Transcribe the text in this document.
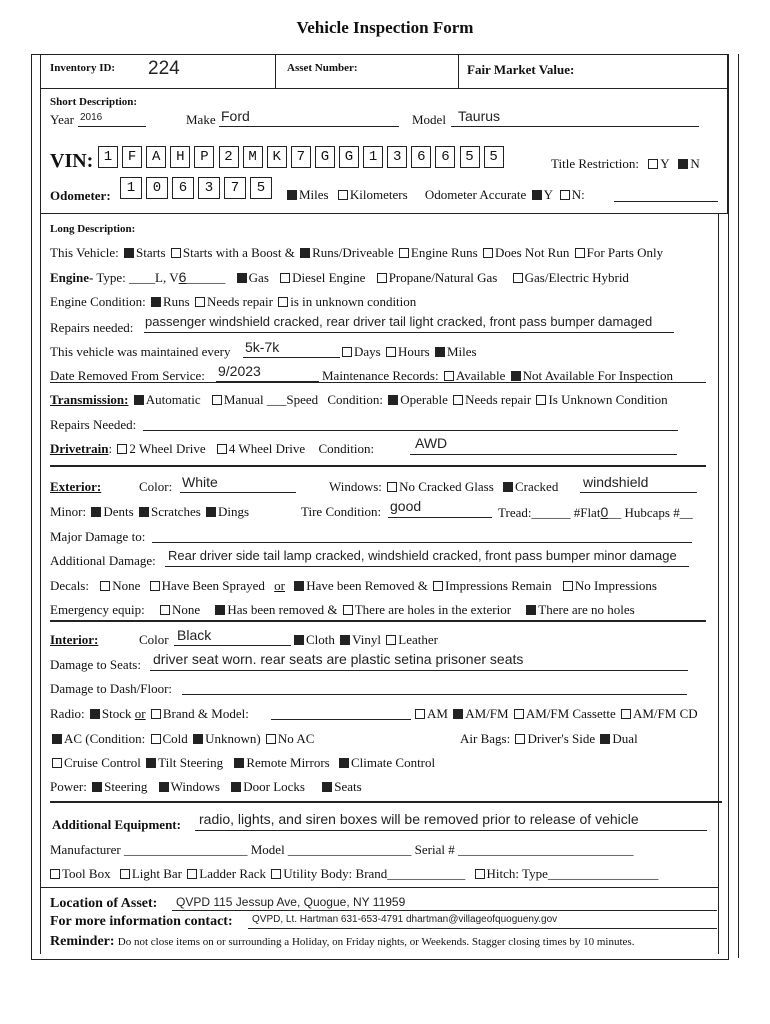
Vehicle Inspection Form
Inventory ID: 224	Asset Number:	Fair Market Value:
Short Description:
Year 2016	Make Ford	Model Taurus
VIN: 1	F	A	H	P	2	M	K	7	G	G	1	3	6	6	5	5	Title Restriction: Y N
Odometer:	1	0	6	3	7	5	Miles Kilometers Odometer Accurate Y N:
Long Description:
This Vehicle: Starts Starts with a Boost & Runs/Driveable Engine Runs Does Not Run For Parts Only
Engine- Type: ____L, V6______ Gas Diesel Engine Propane/Natural Gas Gas/Electric Hybrid
Engine Condition: Runs Needs repair is in unknown condition
Repairs needed: passenger windshield cracked, rear driver tail light cracked, front pass bumper damaged
This vehicle was maintained every 5k-7k	Days Hours Miles
Date Removed From Service: 9/2023	Maintenance Records: Available Not Available For Inspection
Transmission: Automatic Manual ___Speed Condition: Operable Needs repair Is Unknown Condition
Repairs Needed:
Drivetrain: 2 Wheel Drive 4 Wheel Drive Condition:	AWD
Exterior:	Color: White	Windows: No Cracked Glass Cracked windshield
Minor: Dents Scratches Dings	Tire Condition: good	Tread:______ #Flat0__ Hubcaps #__
Major Damage to:
Additional Damage: Rear driver side tail lamp cracked, windshield cracked, front pass bumper minor damage
Decals: None Have Been Sprayed or Have been Removed & Impressions Remain No Impressions
Emergency equip: None Has been removed & There are holes in the exterior There are no holes
Interior:	Color Black	Cloth Vinyl Leather
Damage to Seats: driver seat worn. rear seats are plastic setina prisoner seats
Damage to Dash/Floor:
Radio: Stock or Brand & Model:	AM AM/FM AM/FM Cassette AM/FM CD
AC (Condition: Cold Unknown) No AC	Air Bags: Driver's Side Dual
Cruise Control Tilt Steering Remote Mirrors Climate Control
Power: Steering Windows Door Locks Seats
Additional Equipment: radio, lights, and siren boxes will be removed prior to release of vehicle
Manufacturer ___________________ Model ___________________ Serial # ___________________________
Tool Box Light Bar Ladder Rack Utility Body: Brand____________ Hitch: Type_________________
Location of Asset: QVPD 115 Jessup Ave, Quogue, NY 11959
For more information contact: QVPD, Lt. Hartman 631-653-4791 dhartman@villageofquogueny.gov
Reminder: Do not close items on or surrounding a Holiday, on Friday nights, or Weekends. Stagger closing times by 10 minutes.
